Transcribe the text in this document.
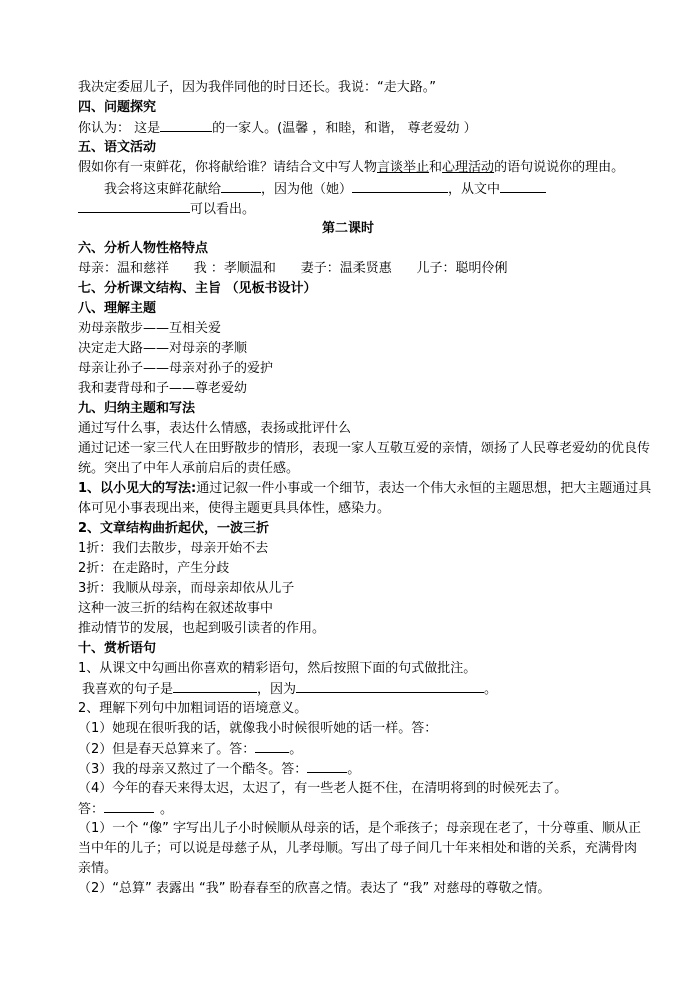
我决定委屈儿子，因为我伴同他的时日还长。我说：“走大路。”
四、问题探究
你认为： 这是	的一家人。(温馨 ，和睦，和谐， 尊老爱幼 ）
五、语文活动
假如你有一束鲜花，你将献给谁？请结合文中写人物言谈举止和心理活动的语句说说你的理由。
我会将这束鲜花献给	，因为他（她）	，从文中
可以看出。
第二课时
六、分析人物性格特点
母亲：温和慈祥      我 ：孝顺温和      妻子：温柔贤惠      儿子：聪明伶俐
七、分析课文结构、主旨 （见板书设计）
八、理解主题
劝母亲散步——互相关爱
决定走大路——对母亲的孝顺
母亲让孙子——母亲对孙子的爱护
我和妻背母和子——尊老爱幼
九、归纳主题和写法
通过写什么事，表达什么情感，表扬或批评什么
通过记述一家三代人在田野散步的情形，表现一家人互敬互爱的亲情，颂扬了人民尊老爱幼的优良传
统。突出了中年人承前启后的责任感。
1、以小见大的写法:通过记叙一件小事或一个细节，表达一个伟大永恒的主题思想，把大主题通过具
体可见小事表现出来，使得主题更具具体性，感染力。
2、文章结构曲折起伏，一波三折
1折：我们去散步，母亲开始不去
2折：在走路时，产生分歧
3折：我顺从母亲，而母亲却依从儿子
这种一波三折的结构在叙述故事中
推动情节的发展，也起到吸引读者的作用。
十、赏析语句
1、从课文中勾画出你喜欢的精彩语句，然后按照下面的句式做批注。
我喜欢的句子是	，因为	。
2、理解下列句中加粗词语的语境意义。
（1）她现在很听我的话，就像我小时候很听她的话一样。答：
（2）但是春天总算来了。答：	。
（3）我的母亲又熬过了一个酷冬。答：	。
（4）今年的春天来得太迟，太迟了，有一些老人挺不住，在清明将到的时候死去了。
答：	。
（1）一个 “像” 字写出儿子小时候顺从母亲的话，是个乖孩子；母亲现在老了，十分尊重、顺从正
当中年的儿子；可以说是母慈子从，儿孝母顺。写出了母子间几十年来相处和谐的关系，充满骨肉
亲情。
（2）“总算” 表露出 “我” 盼春春至的欣喜之情。表达了 “我” 对慈母的尊敬之情。
